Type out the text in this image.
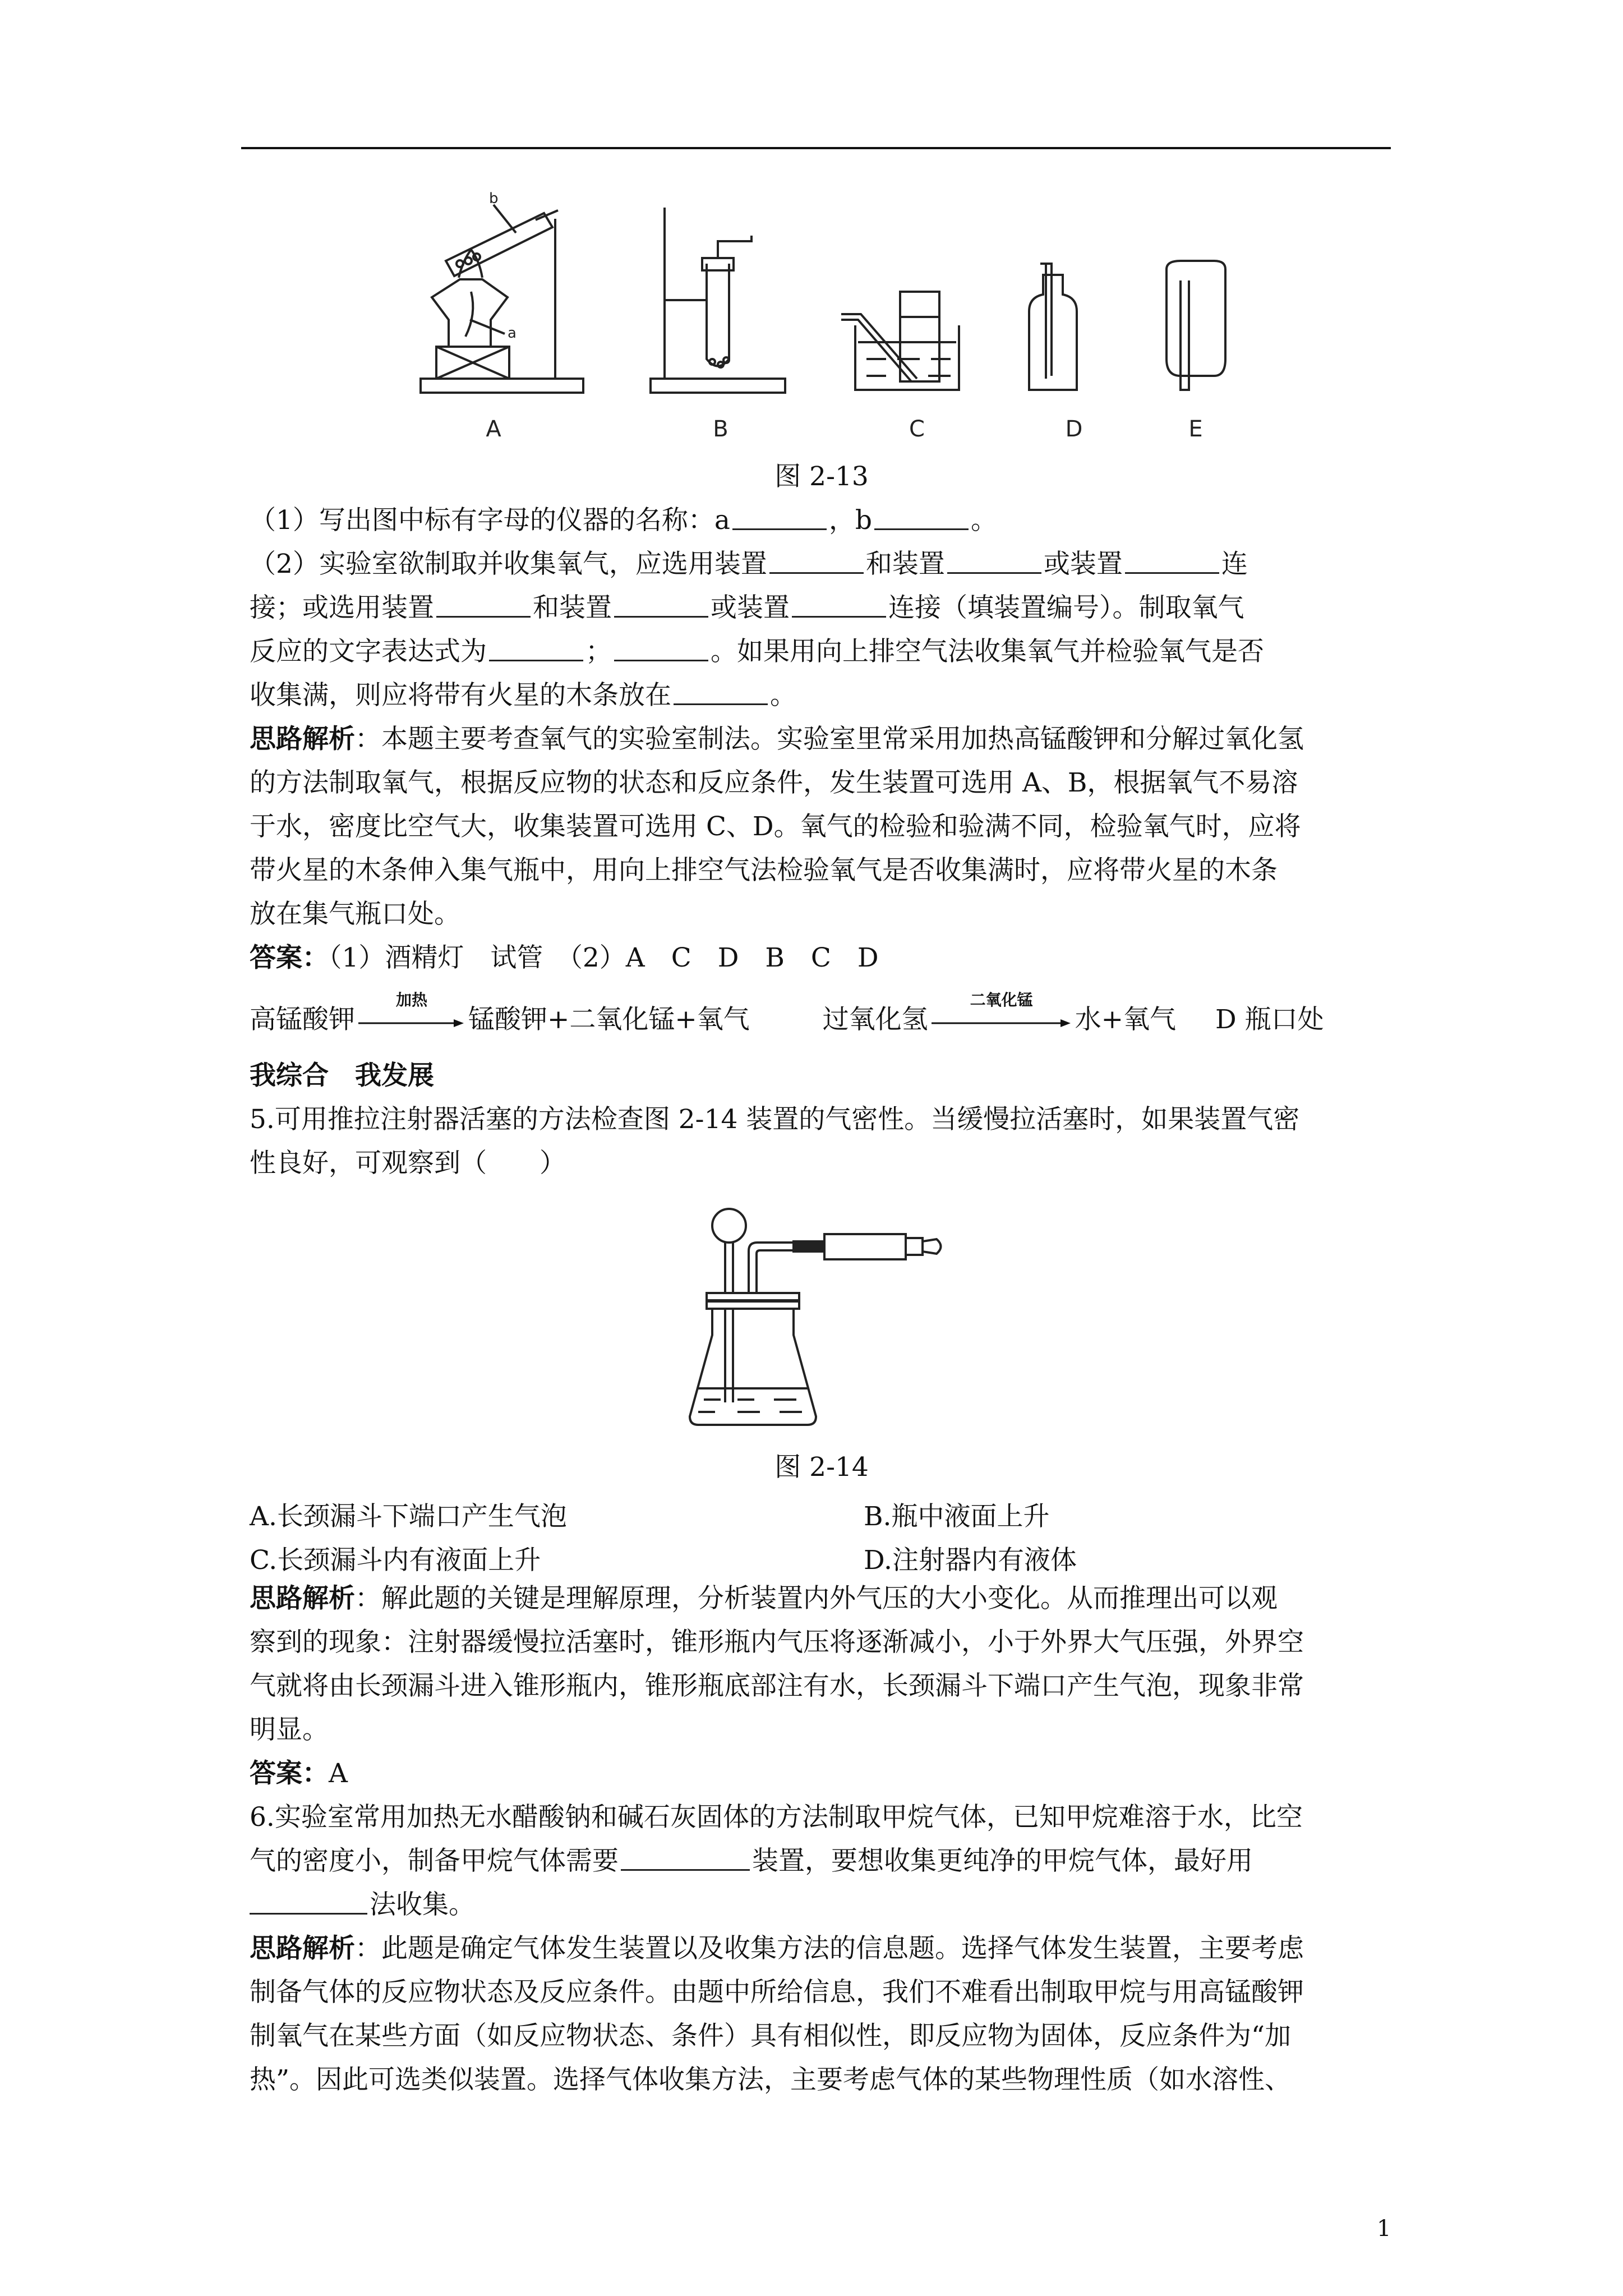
a
b
A	B	C	D	E
图 2-13
（1）写出图中标有字母的仪器的名称：a	，b	。
（2）实验室欲制取并收集氧气，应选用装置	和装置	或装置	连
接；或选用装置	和装置	或装置	连接（填装置编号）。制取氧气
反应的文字表达式为	；	。如果用向上排空气法收集氧气并检验氧气是否
收集满，则应将带有火星的木条放在	。
思路解析：本题主要考查氧气的实验室制法。实验室里常采用加热高锰酸钾和分解过氧化氢
的方法制取氧气，根据反应物的状态和反应条件，发生装置可选用 A、B，根据氧气不易溶
于水，密度比空气大，收集装置可选用 C、D。氧气的检验和验满不同，检验氧气时，应将
带火星的木条伸入集气瓶中，用向上排空气法检验氧气是否收集满时，应将带火星的木条
放在集气瓶口处。
答案：（1）酒精灯　试管　（2）A　C　D　B　C　D
高锰酸钾
加热
锰酸钾+二氧化锰+氧气	过氧化氢
二氧化锰
水+氧气 D 瓶口处
我综合　我发展
5.可用推拉注射器活塞的方法检查图 2-14 装置的气密性。当缓慢拉活塞时，如果装置气密
性良好，可观察到（　　）
图 2-14
A.长颈漏斗下端口产生气泡	B.瓶中液面上升
C.长颈漏斗内有液面上升	D.注射器内有液体
思路解析：解此题的关键是理解原理，分析装置内外气压的大小变化。从而推理出可以观
察到的现象：注射器缓慢拉活塞时，锥形瓶内气压将逐渐减小，小于外界大气压强，外界空
气就将由长颈漏斗进入锥形瓶内，锥形瓶底部注有水，长颈漏斗下端口产生气泡，现象非常
明显。
答案：A
6.实验室常用加热无水醋酸钠和碱石灰固体的方法制取甲烷气体，已知甲烷难溶于水，比空
气的密度小，制备甲烷气体需要	装置，要想收集更纯净的甲烷气体，最好用
法收集。
思路解析：此题是确定气体发生装置以及收集方法的信息题。选择气体发生装置，主要考虑
制备气体的反应物状态及反应条件。由题中所给信息，我们不难看出制取甲烷与用高锰酸钾
制氧气在某些方面（如反应物状态、条件）具有相似性，即反应物为固体，反应条件为“加
热”。因此可选类似装置。选择气体收集方法，主要考虑气体的某些物理性质（如水溶性、
1
